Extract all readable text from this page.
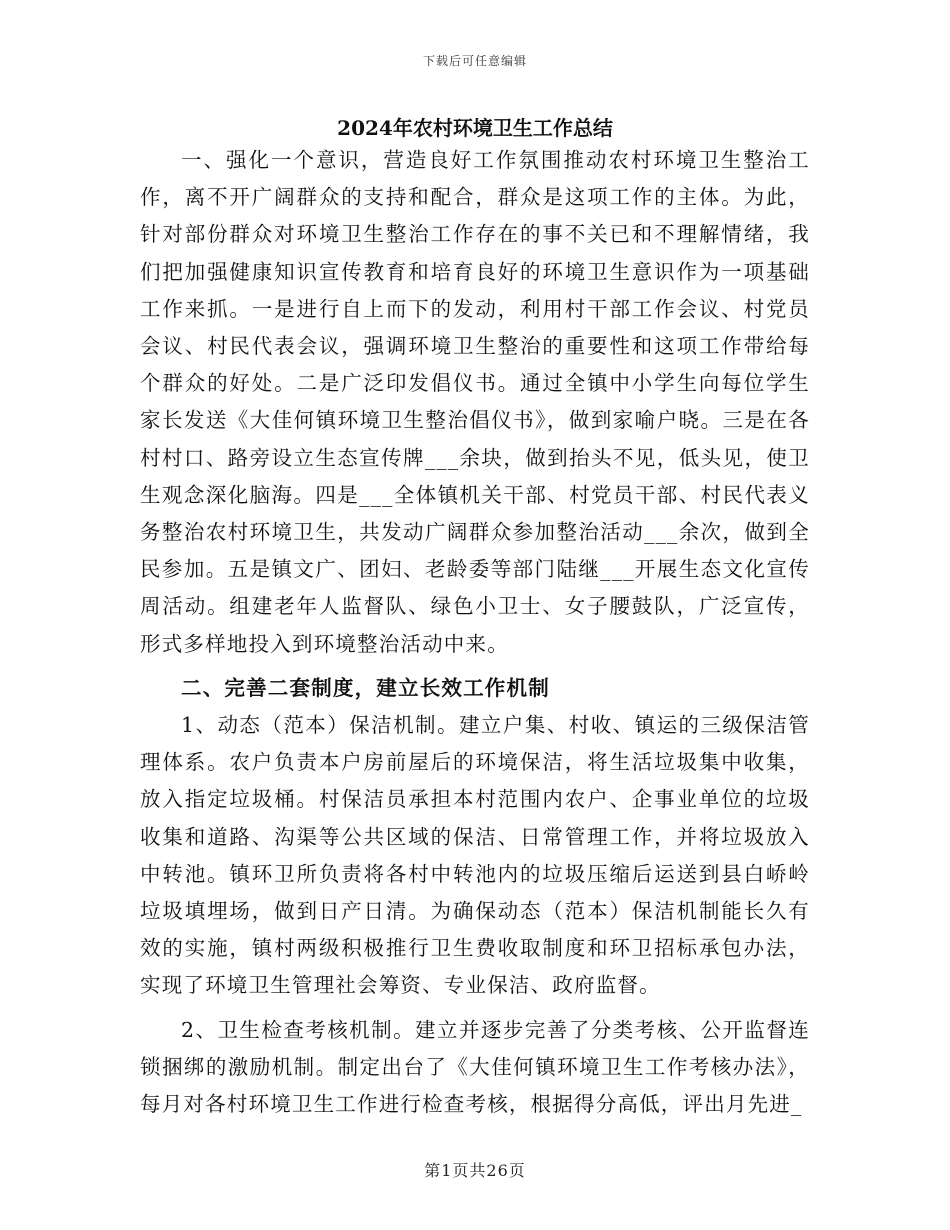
下载后可任意编辑
2024年农村环境卫生工作总结

一、强化一个意识，营造良好工作氛围推动农村环境卫生整治工作，离不开广阔群众的支持和配合，群众是这项工作的主体。为此，针对部份群众对环境卫生整治工作存在的事不关已和不理解情绪，我们把加强健康知识宣传教育和培育良好的环境卫生意识作为一项基础工作来抓。一是进行自上而下的发动，利用村干部工作会议、村党员会议、村民代表会议，强调环境卫生整治的重要性和这项工作带给每个群众的好处。二是广泛印发倡仪书。通过全镇中小学生向每位学生家长发送《大佳何镇环境卫生整治倡仪书》，做到家喻户晓。三是在各村村口、路旁设立生态宣传牌___余块，做到抬头不见，低头见，使卫生观念深化脑海。四是___全体镇机关干部、村党员干部、村民代表义务整治农村环境卫生，共发动广阔群众参加整治活动___余次，做到全民参加。五是镇文广、团妇、老龄委等部门陆继___开展生态文化宣传周活动。组建老年人监督队、绿色小卫士、女子腰鼓队，广泛宣传，形式多样地投入到环境整治活动中来。

二、完善二套制度，建立长效工作机制

1、动态（范本）保洁机制。建立户集、村收、镇运的三级保洁管理体系。农户负责本户房前屋后的环境保洁，将生活垃圾集中收集，放入指定垃圾桶。村保洁员承担本村范围内农户、企事业单位的垃圾收集和道路、沟渠等公共区域的保洁、日常管理工作，并将垃圾放入中转池。镇环卫所负责将各村中转池内的垃圾压缩后运送到县白峤岭垃圾填埋场，做到日产日清。为确保动态（范本）保洁机制能长久有效的实施，镇村两级积极推行卫生费收取制度和环卫招标承包办法，实现了环境卫生管理社会筹资、专业保洁、政府监督。

2、卫生检查考核机制。建立并逐步完善了分类考核、公开监督连锁捆绑的激励机制。制定出台了《大佳何镇环境卫生工作考核办法》，每月对各村环境卫生工作进行检查考核，根据得分高低，评出月先进_

第1页共26页
